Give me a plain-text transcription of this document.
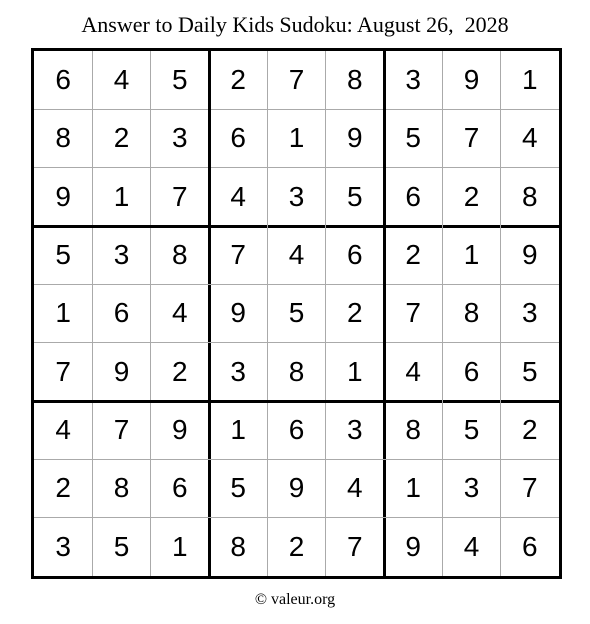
Answer to Daily Kids Sudoku: August 26,  2028
6	4	5	2	7	8	3	9	1
8	2	3	6	1	9	5	7	4
9	1	7	4	3	5	6	2	8
5	3	8	7	4	6	2	1	9
1	6	4	9	5	2	7	8	3
7	9	2	3	8	1	4	6	5
4	7	9	1	6	3	8	5	2
2	8	6	5	9	4	1	3	7
3	5	1	8	2	7	9	4	6
© valeur.org
